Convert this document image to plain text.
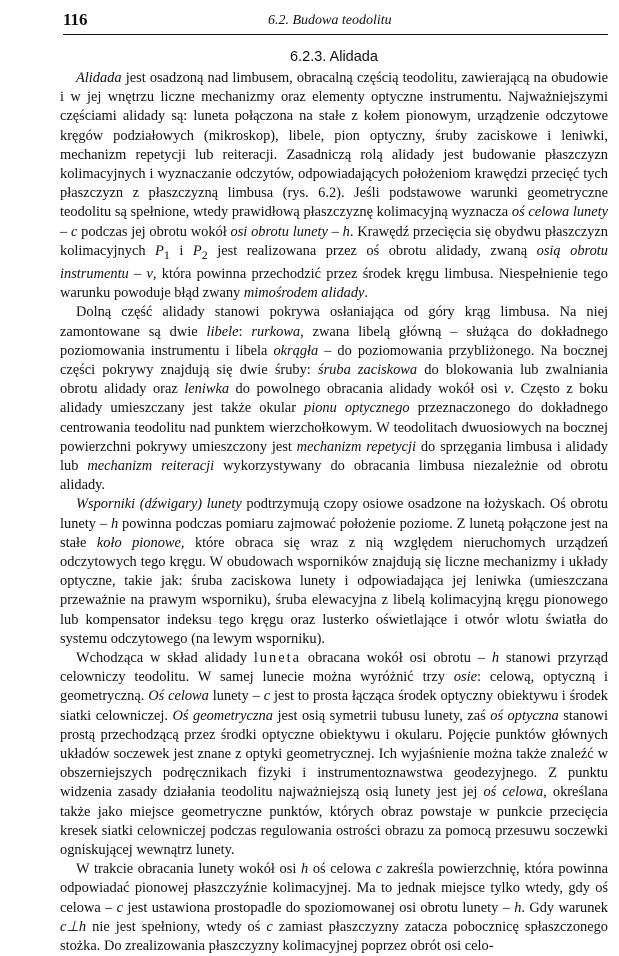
116	6.2. Budowa teodolitu
6.2.3. Alidada

Alidada jest osadzoną nad limbusem, obracalną częścią teodolitu, zawierającą na obudowie i w jej wnętrzu liczne mechanizmy oraz elementy optyczne instrumentu. Najważniejszymi częściami alidady są: luneta połączona na stałe z kołem pionowym, urządzenie odczytowe kręgów podziałowych (mikroskop), libele, pion optyczny, śruby zaciskowe i leniwki, mechanizm repetycji lub reiteracji. Zasadniczą rolą alidady jest budowanie płaszczyzn kolimacyjnych i wyznaczanie odczytów, odpowiadających położeniom krawędzi przecięć tych płaszczyzn z płaszczyzną limbusa (rys. 6.2). Jeśli podstawowe warunki geometryczne teodolitu są spełnione, wtedy prawidłową płaszczyznę kolimacyjną wyznacza oś celowa lunety – c podczas jej obrotu wokół osi obrotu lunety – h. Krawędź przecięcia się obydwu płaszczyzn kolimacyjnych $P_1$ i $P_2$ jest realizowana przez oś obrotu alidady, zwaną osią obrotu instrumentu – v, która powinna przechodzić przez środek kręgu limbusa. Niespełnienie tego warunku powoduje błąd zwany mimośrodem alidady.

Dolną część alidady stanowi pokrywa osłaniająca od góry krąg limbusa. Na niej zamontowane są dwie libele: rurkowa, zwana libelą główną – służąca do dokładnego poziomowania instrumentu i libela okrągła – do poziomowania przybliżonego. Na bocznej części pokrywy znajdują się dwie śruby: śruba zaciskowa do blokowania lub zwalniania obrotu alidady oraz leniwka do powolnego obracania alidady wokół osi v. Często z boku alidady umieszczany jest także okular pionu optycznego przeznaczonego do dokładnego centrowania teodolitu nad punktem wierzchołkowym. W teodolitach dwuosiowych na bocznej powierzchni pokrywy umieszczony jest mechanizm repetycji do sprzęgania limbusa i alidady lub mechanizm reiteracji wykorzystywany do obracania limbusa niezależnie od obrotu alidady.

Wsporniki (dźwigary) lunety podtrzymują czopy osiowe osadzone na łożyskach. Oś obrotu lunety – h powinna podczas pomiaru zajmować położenie poziome. Z lunetą połączone jest na stałe koło pionowe, które obraca się wraz z nią względem nieruchomych urządzeń odczytowych tego kręgu. W obudowach wsporników znajdują się liczne mechanizmy i układy optyczne, takie jak: śruba zaciskowa lunety i odpowiadająca jej leniwka (umieszczana przeważnie na prawym wsporniku), śruba elewacyjna z libelą kolimacyjną kręgu pionowego lub kompensator indeksu tego kręgu oraz lusterko oświetlające i otwór wlotu światła do systemu odczytowego (na lewym wsporniku).

Wchodząca w skład alidady luneta obracana wokół osi obrotu – h stanowi przyrząd celowniczy teodolitu. W samej lunecie można wyróżnić trzy osie: celową, optyczną i geometryczną. Oś celowa lunety – c jest to prosta łącząca środek optyczny obiektywu i środek siatki celowniczej. Oś geometryczna jest osią symetrii tubusu lunety, zaś oś optyczna stanowi prostą przechodzącą przez środki optyczne obiektywu i okularu. Pojęcie punktów głównych układów soczewek jest znane z optyki geometrycznej. Ich wyjaśnienie można także znaleźć w obszerniejszych podręcznikach fizyki i instrumentoznawstwa geodezyjnego. Z punktu widzenia zasady działania teodolitu najważniejszą osią lunety jest jej oś celowa, określana także jako miejsce geometryczne punktów, których obraz powstaje w punkcie przecięcia kresek siatki celowniczej podczas regulowania ostrości obrazu za pomocą przesuwu soczewki ogniskującej wewnątrz lunety.

W trakcie obracania lunety wokół osi h oś celowa c zakreśla powierzchnię, która powinna odpowiadać pionowej płaszczyźnie kolimacyjnej. Ma to jednak miejsce tylko wtedy, gdy oś celowa – c jest ustawiona prostopadle do spoziomowanej osi obrotu lunety – h. Gdy warunek c⊥h nie jest spełniony, wtedy oś c zamiast płaszczyzny zatacza pobocznicę spłaszczonego stożka. Do zrealizowania płaszczyzny kolimacyjnej poprzez obrót osi celo-
